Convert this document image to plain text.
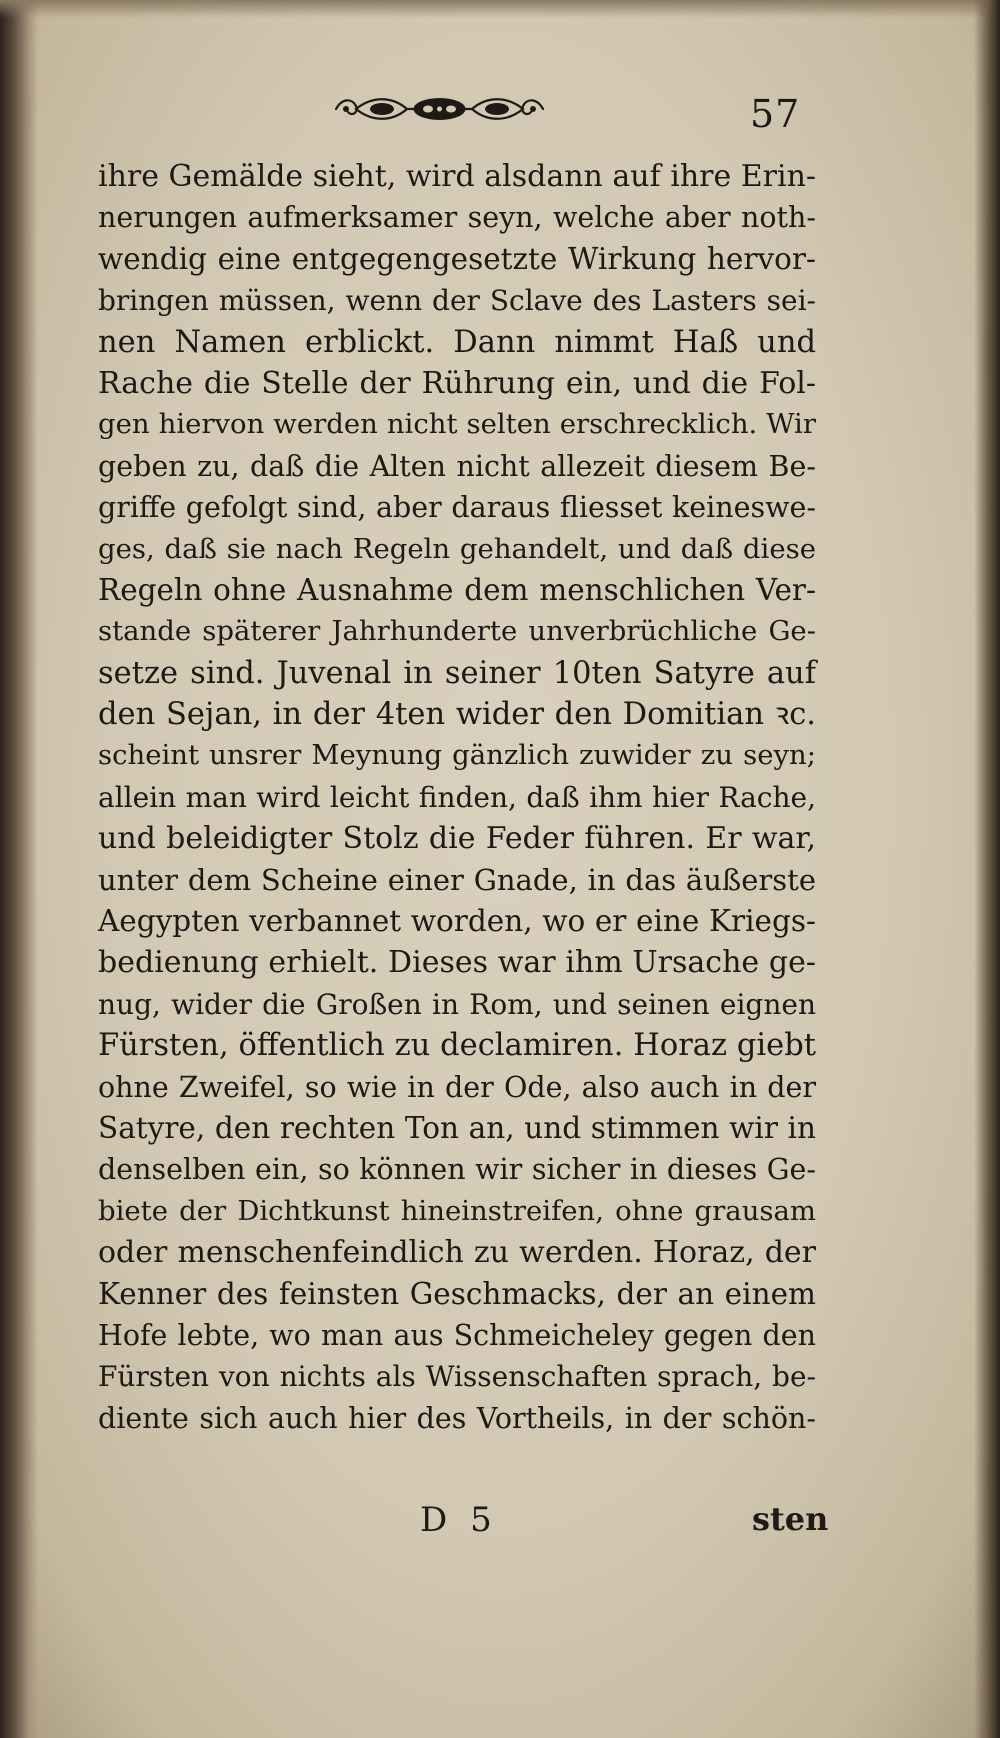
57
ihre Gemälde sieht, wird alsdann auf ihre Erin-
nerungen aufmerksamer seyn, welche aber noth-
wendig eine entgegengesetzte Wirkung hervor-
bringen müssen, wenn der Sclave des Lasters sei-
nen Namen erblickt. Dann nimmt Haß und
Rache die Stelle der Rührung ein, und die Fol-
gen hiervon werden nicht selten erschrecklich. Wir
geben zu, daß die Alten nicht allezeit diesem Be-
griffe gefolgt sind, aber daraus fliesset keineswe-
ges, daß sie nach Regeln gehandelt, und daß diese
Regeln ohne Ausnahme dem menschlichen Ver-
stande späterer Jahrhunderte unverbrüchliche Ge-
setze sind. Juvenal in seiner 10ten Satyre auf
den Sejan, in der 4ten wider den Domitian ꝛc.
scheint unsrer Meynung gänzlich zuwider zu seyn;
allein man wird leicht finden, daß ihm hier Rache,
und beleidigter Stolz die Feder führen. Er war,
unter dem Scheine einer Gnade, in das äußerste
Aegypten verbannet worden, wo er eine Kriegs-
bedienung erhielt. Dieses war ihm Ursache ge-
nug, wider die Großen in Rom, und seinen eignen
Fürsten, öffentlich zu declamiren. Horaz giebt
ohne Zweifel, so wie in der Ode, also auch in der
Satyre, den rechten Ton an, und stimmen wir in
denselben ein, so können wir sicher in dieses Ge-
biete der Dichtkunst hineinstreifen, ohne grausam
oder menschenfeindlich zu werden. Horaz, der
Kenner des feinsten Geschmacks, der an einem
Hofe lebte, wo man aus Schmeicheley gegen den
Fürsten von nichts als Wissenschaften sprach, be-
diente sich auch hier des Vortheils, in der schön-
D 5	sten
